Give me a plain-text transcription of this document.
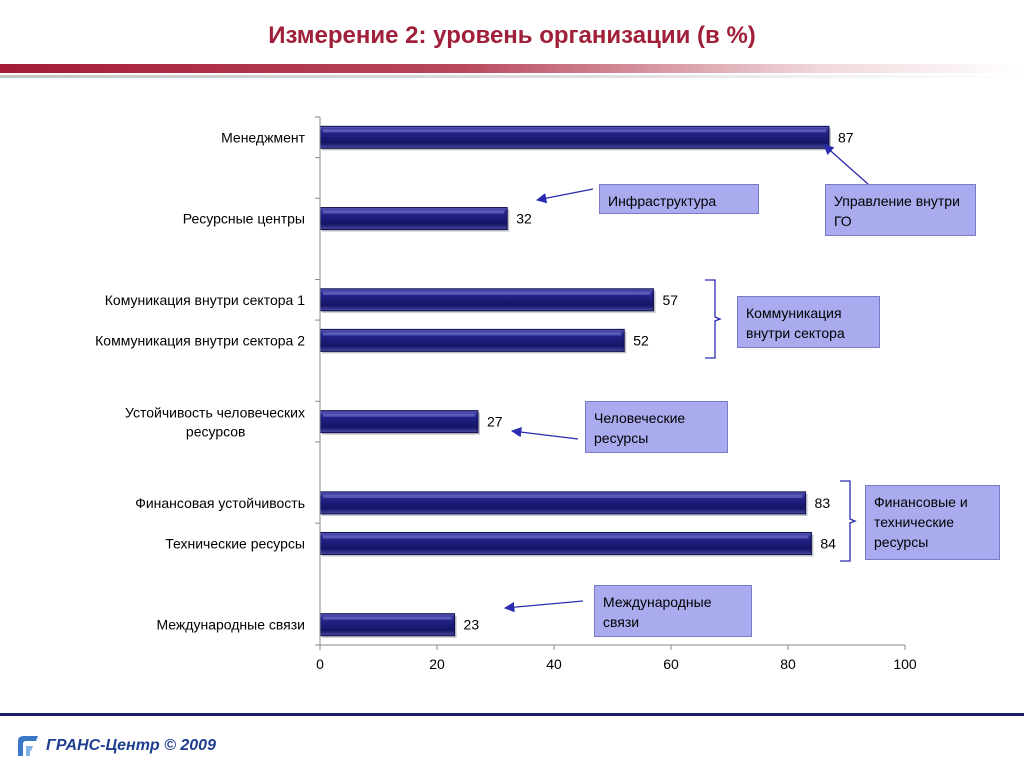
Измерение 2: уровень организации (в %)
87
32
57
52
27
83
84
23
Менеджмент
Ресурсные центры
Комуникация внутри сектора 1
Коммуникация внутри сектора 2
Устойчивость человеческих ресурсов
Финансовая устойчивость
Технические ресурсы
Международные связи
0	20	40	60	80	100
Инфраструктура	Управление внутри ГО
Коммуникация внутри сектора
Человеческие ресурсы
Финансовые и технические ресурсы
Международные связи
ГРАНС-Центр © 2009
